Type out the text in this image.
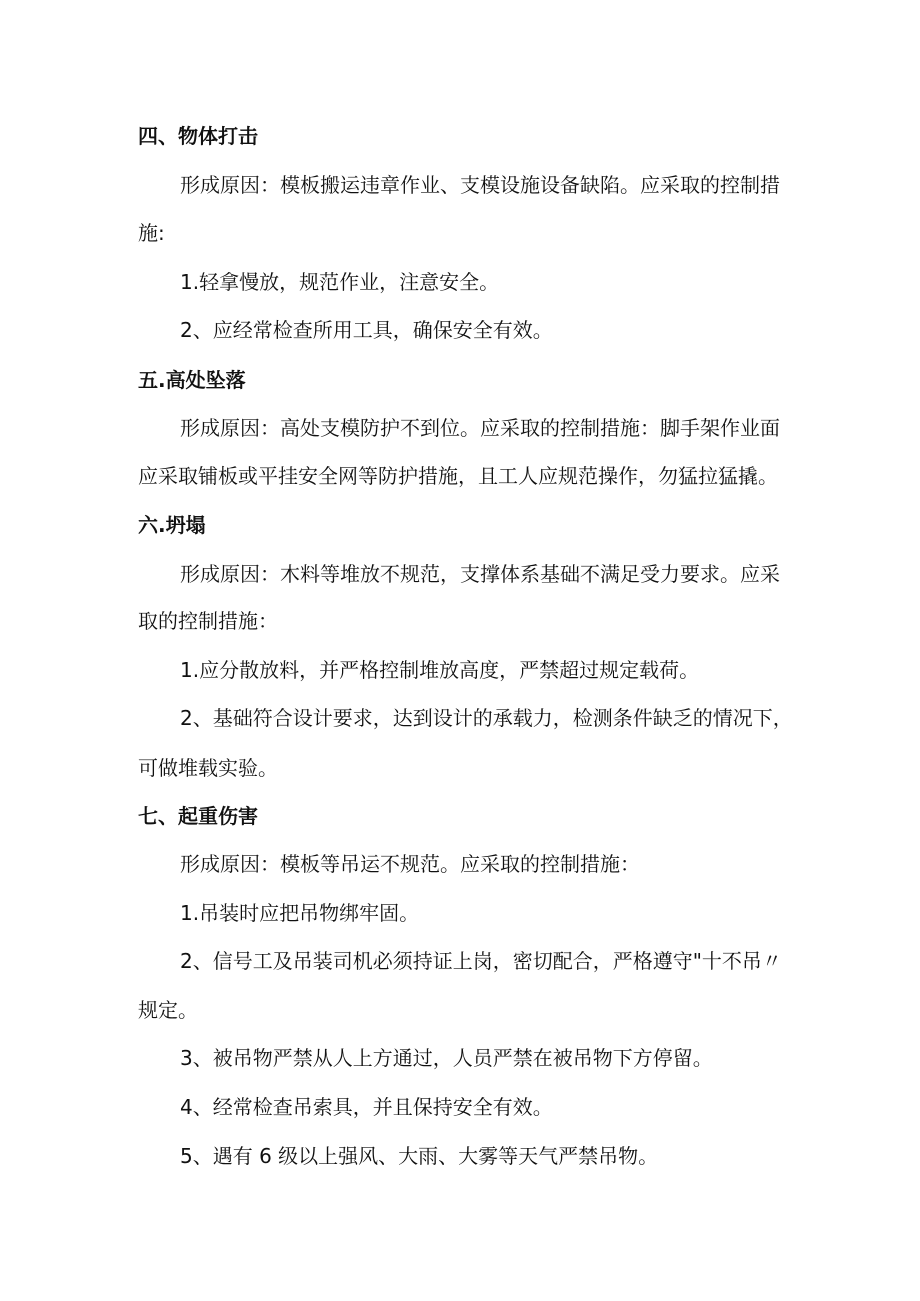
四、物体打击
形成原因：模板搬运违章作业、支模设施设备缺陷。应采取的控制措
施:
1.轻拿慢放，规范作业，注意安全。
2、应经常检查所用工具，确保安全有效。
五.高处坠落
形成原因：高处支模防护不到位。应采取的控制措施：脚手架作业面
应采取铺板或平挂安全网等防护措施，且工人应规范操作，勿猛拉猛撬。
六.坍塌
形成原因：木料等堆放不规范，支撑体系基础不满足受力要求。应采
取的控制措施：
1.应分散放料，并严格控制堆放高度，严禁超过规定载荷。
2、基础符合设计要求，达到设计的承载力，检测条件缺乏的情况下，
可做堆载实验。
七、起重伤害
形成原因：模板等吊运不规范。应采取的控制措施：
1.吊装时应把吊物绑牢固。
2、信号工及吊装司机必须持证上岗，密切配合，严格遵守"十不吊〃
规定。
3、被吊物严禁从人上方通过，人员严禁在被吊物下方停留。
4、经常检查吊索具，并且保持安全有效。
5、遇有 6 级以上强风、大雨、大雾等天气严禁吊物。
